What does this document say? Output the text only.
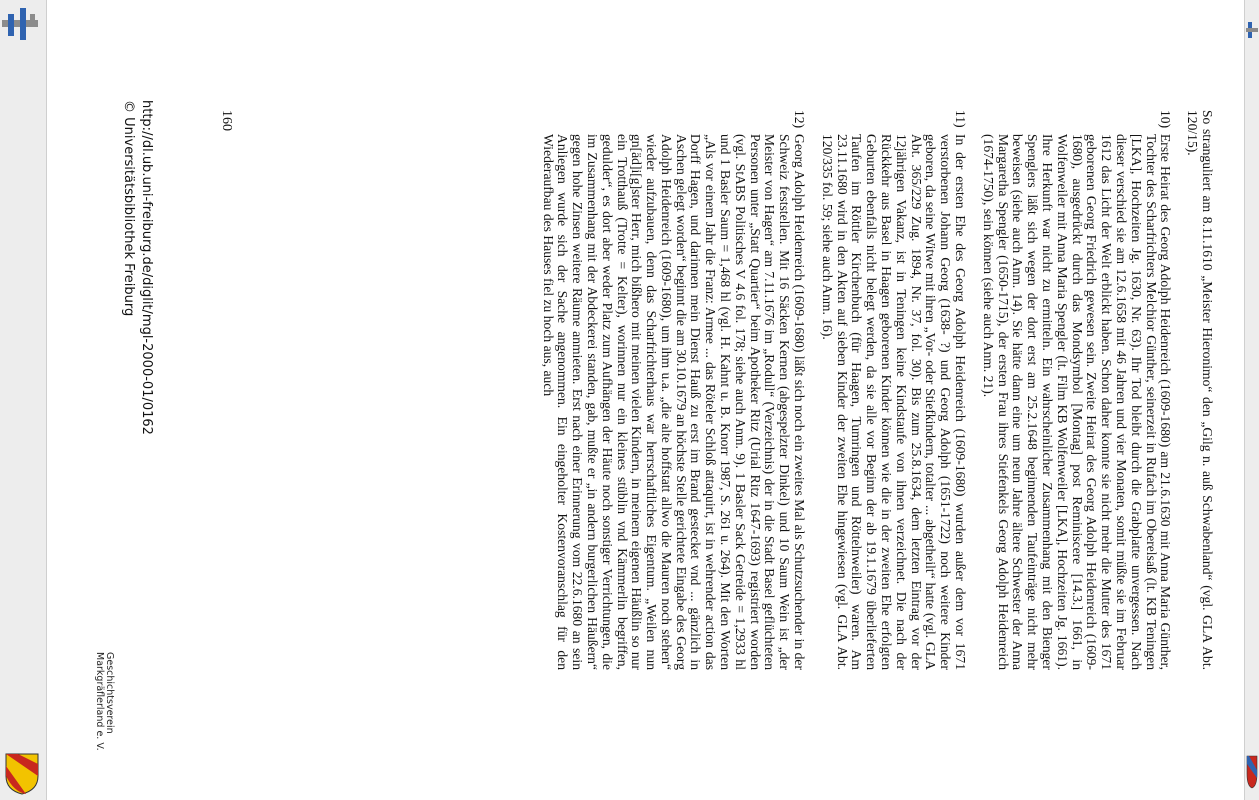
So stranguliert am 8.11.1610 „Meister Hieronimo“ den „Gilg n. auß Schwabenland“ (vgl. GLA Abt. 120/15).

10)
Erste Heirat des Georg Adolph Heidenreich (1609-1680) am 21.6.1630 mit Anna Maria Günther, Tochter des Scharfrichters Melchior Günther, seinerzeit in Rufach im Oberelsaß (lt. KB Teningen [LKA], Hochzeiten Jg. 1630, Nr. 63). Ihr Tod bleibt durch die Grabplatte unvergessen. Nach dieser verschied sie am 12.6.1658 mit 46 Jahren und vier Monaten, somit müßte sie im Februar 1612 das Licht der Welt erblickt haben. Schon daher konnte sie nicht mehr die Mutter des 1671 geborenen Georg Friedrich gewesen sein. Zweite Heirat des Georg Adolph Heidenreich (1609-1680), ausgedrückt durch das Mondsymbol [Montag] post Reminiscere [14.3.] 1661, in Wolfenweiler mit Anna Maria Spengler (lt. Film KB Wolfenweiler [LKA], Hochzeiten Jg. 1661). Ihre Herkunft war nicht zu ermitteln. Ein wahrscheinlicher Zusammenhang mit den Bienger Spenglers läßt sich wegen der dort erst am 25.2.1648 beginnenden Taufeinträge nicht mehr beweisen (siehe auch Anm. 14). Sie hätte dann eine um neun Jahre ältere Schwester der Anna Margaretha Spengler (1650-1715), der ersten Frau ihres Stiefenkels Georg Adolph Heidenreich (1674-1750), sein können (siehe auch Anm. 21).
11)
In der ersten Ehe des Georg Adolph Heidenreich (1609-1680) wurden außer dem vor 1671 verstorbenen Johann Georg (1638- ?) und Georg Adolph (1651-1722) noch weitere Kinder geboren, da seine Witwe mit ihren „Vor- oder Stiefkindern, totalter ... abgetheilt“ hatte (vgl. GLA Abt. 365/229 Zug. 1894, Nr. 37, fol. 30). Bis zum 25.8.1634, dem letzten Eintrag vor der 12jährigen Vakanz, ist in Teningen keine Kindstaufe von ihnen verzeichnet. Die nach der Rückkehr aus Basel in Haagen geborenen Kinder können wie die in der zweiten Ehe erfolgten Geburten ebenfalls nicht belegt werden, da sie alle vor Beginn der ab 19.1.1679 überlieferten Taufen im Röttler Kirchenbuch (für Haagen, Tumringen und Röttelnweiler) waren. Am 23.11.1680 wird in den Akten auf sieben Kinder der zweiten Ehe hingewiesen (vgl. GLA Abt. 120/335 fol. 59; siehe auch Anm. 16).
12)
Georg Adolph Heidenreich (1609-1680) läßt sich noch ein zweites Mal als Schutzsuchender in der Schweiz feststellen. Mit 16 Säcken Kernen (abgespelzter Dinkel) und 10 Saum Wein ist „der Meister von Hagen“ am 7.11.1676 im „Rodull“ (Verzeichnis) der in die Stadt Basel geflüchteten Personen unter „Statt Quartier“ beim Apotheker Ritz (Urial Ritz 1647-1693) registriert worden (vgl. StABS Politisches V 4.6 fol. 178; siehe auch Anm. 9). 1 Basler Sack Getreide = 1,2933 hl und 1 Basler Saum = 1,468 hl (vgl. H. Kahnt u. B. Knorr 1987, S. 261 u. 264). Mit den Worten „Als vor einem Jahr die Franz: Armee ... das Röteler Schloß attaquirt, ist in wehrender action das Dorff Hagen, und darinnen mein Dienst Hauß zu erst im Brand gestecket vnd ... gänzlich in Aschen gelegt worden“ beginnt die am 30.10.1679 an höchste Stelle gerichtete Eingabe des Georg Adolph Heidenreich (1609-1680), um ihm u.a. „die alte hoffstatt allwo die Mauren noch stehen“ wieder aufzubauen, denn das Scharfrichterhaus war herrschaftliches Eigentum. „Weilen nun gn[äd]i[g]ster Herr, mich bißhero mit meinen vielen Kindern, in meinem eigenen Häußlin so nur ein Trotthauß (Trotte = Kelter), worinnen nur ein kleines stüblin vnd Kämmerlin begriffen, gedulder“, es dort aber weder Platz zum Aufhängen der Häute noch sonstiger Verrichtungen, die im Zusammenhang mit der Abdeckerei standen, gab, mußte er „in andern burgerlichen Häußern“ gegen hohe Zinsen weitere Räume anmieten. Erst nach einer Erinnerung vom 22.6.1680 an sein Anliegen wurde sich der Sache angenommen. Ein eingeholter Kostenvoranschlag für den Wiederaufbau des Hauses fiel zu hoch aus, auch
160
http://dl.ub.uni-freiburg.de/diglit/mgl-2000-01/0162
© Universitätsbibliothek Freiburg
Geschichtsverein
Markgräflerland e. V.
